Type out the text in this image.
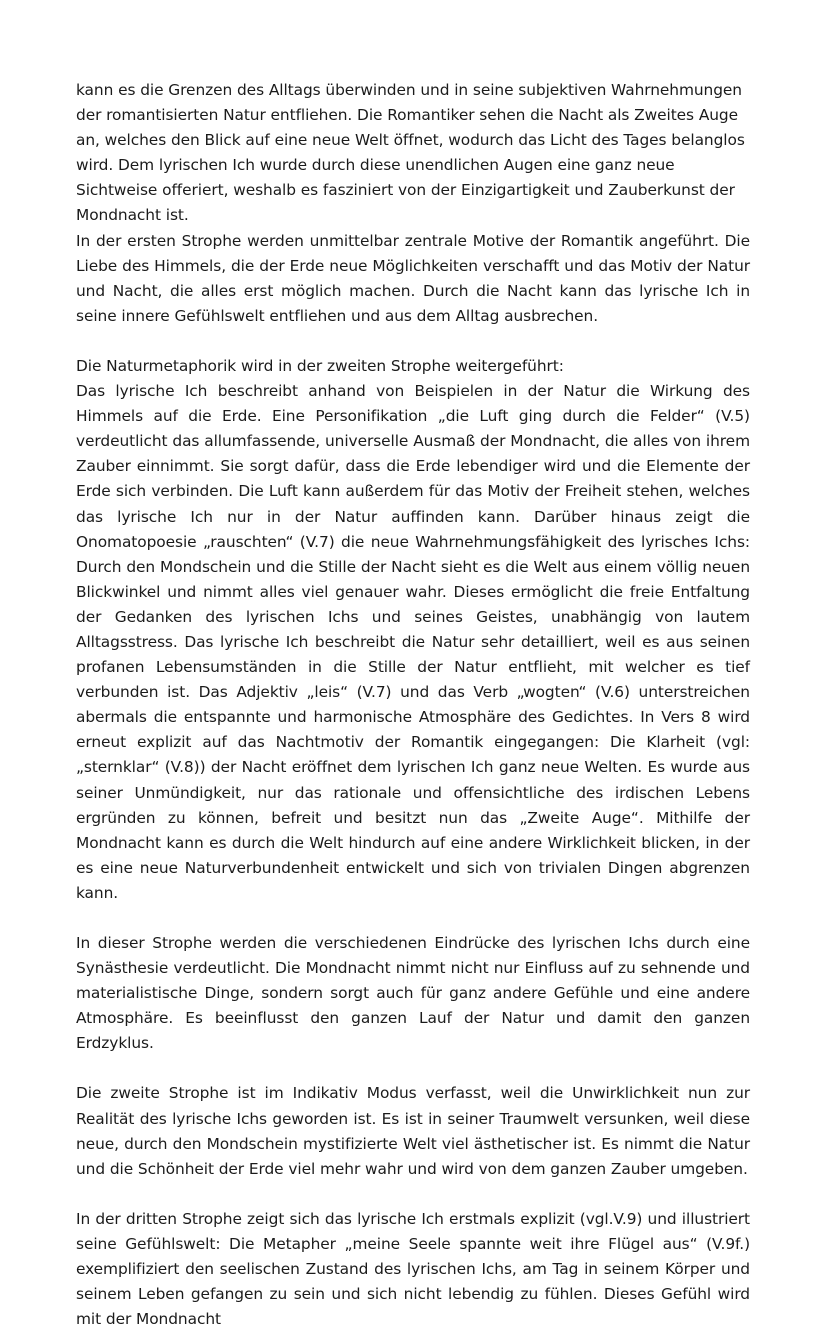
kann es die Grenzen des Alltags überwinden und in seine subjektiven Wahrnehmungen der romantisierten Natur entfliehen. Die Romantiker sehen die Nacht als Zweites Auge an, welches den Blick auf eine neue Welt öffnet, wodurch das Licht des Tages belanglos wird. Dem lyrischen Ich wurde durch diese unendlichen Augen eine ganz neue Sichtweise offeriert, weshalb es fasziniert von der Einzigartigkeit und Zauberkunst der Mondnacht ist.

In der ersten Strophe werden unmittelbar zentrale Motive der Romantik angeführt. Die Liebe des Himmels, die der Erde neue Möglichkeiten verschafft und das Motiv der Natur und Nacht, die alles erst möglich machen. Durch die Nacht kann das lyrische Ich in seine innere Gefühlswelt entfliehen und aus dem Alltag ausbrechen.

Die Naturmetaphorik wird in der zweiten Strophe weitergeführt:

Das lyrische Ich beschreibt anhand von Beispielen in der Natur die Wirkung des Himmels auf die Erde. Eine Personifikation „die Luft ging durch die Felder“ (V.5) verdeutlicht das allumfassende, universelle Ausmaß der Mondnacht, die alles von ihrem Zauber einnimmt. Sie sorgt dafür, dass die Erde lebendiger wird und die Elemente der Erde sich verbinden. Die Luft kann außerdem für das Motiv der Freiheit stehen, welches das lyrische Ich nur in der Natur auffinden kann. Darüber hinaus zeigt die Onomatopoesie „rauschten“ (V.7) die neue Wahrnehmungsfähigkeit des lyrisches Ichs: Durch den Mondschein und die Stille der Nacht sieht es die Welt aus einem völlig neuen Blickwinkel und nimmt alles viel genauer wahr. Dieses ermöglicht die freie Entfaltung der Gedanken des lyrischen Ichs und seines Geistes, unabhängig von lautem Alltagsstress. Das lyrische Ich beschreibt die Natur sehr detailliert, weil es aus seinen profanen Lebensumständen in die Stille der Natur entflieht, mit welcher es tief verbunden ist. Das Adjektiv „leis“ (V.7) und das Verb „wogten“ (V.6) unterstreichen abermals die entspannte und harmonische Atmosphäre des Gedichtes. In Vers 8 wird erneut explizit auf das Nachtmotiv der Romantik eingegangen: Die Klarheit (vgl: „sternklar“ (V.8)) der Nacht eröffnet dem lyrischen Ich ganz neue Welten. Es wurde aus seiner Unmündigkeit, nur das rationale und offensichtliche des irdischen Lebens ergründen zu können, befreit und besitzt nun das „Zweite Auge“. Mithilfe der Mondnacht kann es durch die Welt hindurch auf eine andere Wirklichkeit blicken, in der es eine neue Naturverbundenheit entwickelt und sich von trivialen Dingen abgrenzen kann.

In dieser Strophe werden die verschiedenen Eindrücke des lyrischen Ichs durch eine Synästhesie verdeutlicht. Die Mondnacht nimmt nicht nur Einfluss auf zu sehnende und materialistische Dinge, sondern sorgt auch für ganz andere Gefühle und eine andere Atmosphäre. Es beeinflusst den ganzen Lauf der Natur und damit den ganzen Erdzyklus.

Die zweite Strophe ist im Indikativ Modus verfasst, weil die Unwirklichkeit nun zur Realität des lyrische Ichs geworden ist. Es ist in seiner Traumwelt versunken, weil diese neue, durch den Mondschein mystifizierte Welt viel ästhetischer ist. Es nimmt die Natur und die Schönheit der Erde viel mehr wahr und wird von dem ganzen Zauber umgeben.

In der dritten Strophe zeigt sich das lyrische Ich erstmals explizit (vgl.V.9) und illustriert seine Gefühlswelt: Die Metapher „meine Seele spannte weit ihre Flügel aus“ (V.9f.) exemplifiziert den seelischen Zustand des lyrischen Ichs, am Tag in seinem Körper und seinem Leben gefangen zu sein und sich nicht lebendig zu fühlen. Dieses Gefühl wird mit der Mondnacht
